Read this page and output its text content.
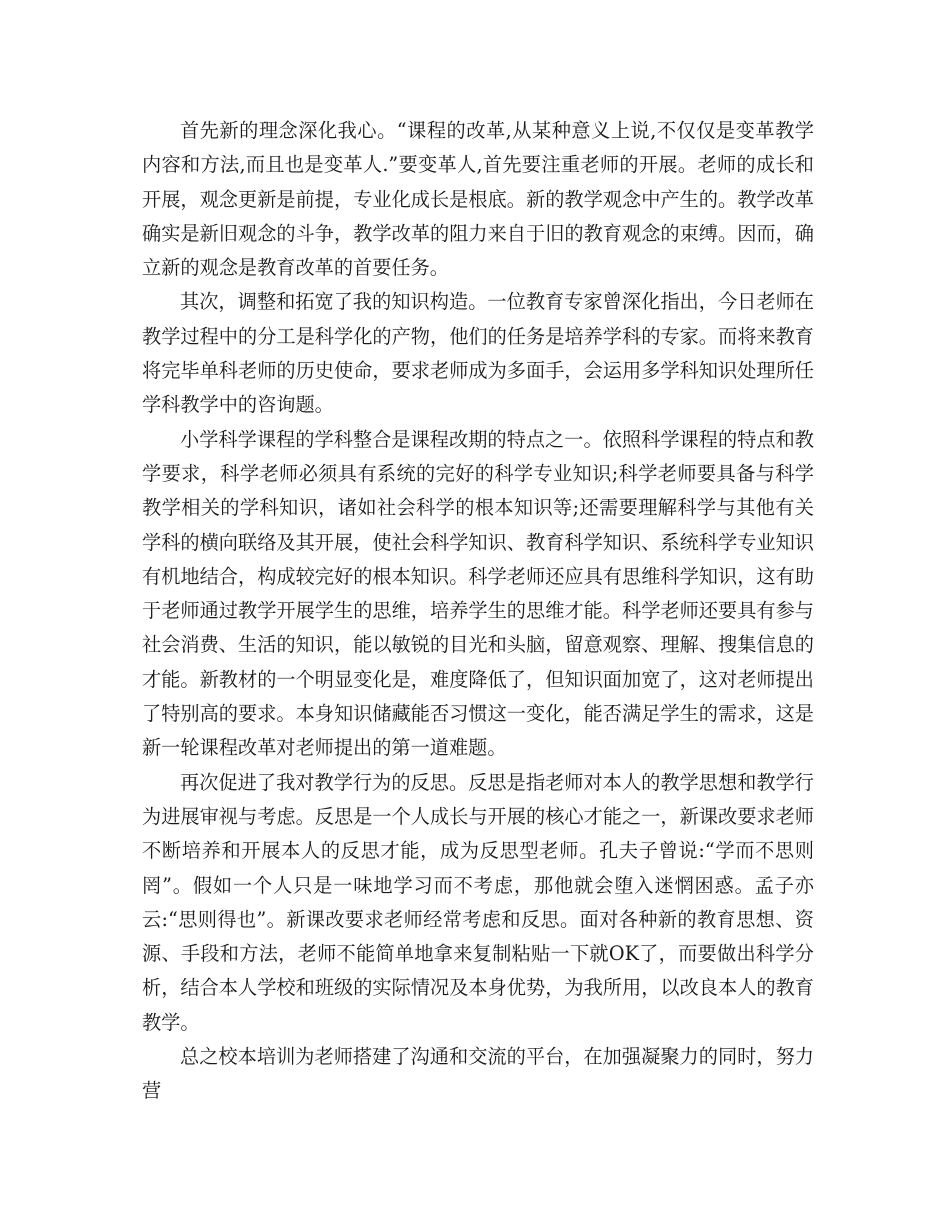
首先新的理念深化我心。“课程的改革,从某种意义上说,不仅仅是变革教学内容和方法,而且也是变革人.”要变革人,首先要注重老师的开展。老师的成长和开展，观念更新是前提，专业化成长是根底。新的教学观念中产生的。教学改革确实是新旧观念的斗争，教学改革的阻力来自于旧的教育观念的束缚。因而，确立新的观念是教育改革的首要任务。

其次，调整和拓宽了我的知识构造。一位教育专家曾深化指出，今日老师在教学过程中的分工是科学化的产物，他们的任务是培养学科的专家。而将来教育将完毕单科老师的历史使命，要求老师成为多面手，会运用多学科知识处理所任学科教学中的咨询题。

小学科学课程的学科整合是课程改期的特点之一。依照科学课程的特点和教学要求，科学老师必须具有系统的完好的科学专业知识;科学老师要具备与科学教学相关的学科知识，诸如社会科学的根本知识等;还需要理解科学与其他有关学科的横向联络及其开展，使社会科学知识、教育科学知识、系统科学专业知识有机地结合，构成较完好的根本知识。科学老师还应具有思维科学知识，这有助于老师通过教学开展学生的思维，培养学生的思维才能。科学老师还要具有参与社会消费、生活的知识，能以敏锐的目光和头脑，留意观察、理解、搜集信息的才能。新教材的一个明显变化是，难度降低了，但知识面加宽了，这对老师提出了特别高的要求。本身知识储藏能否习惯这一变化，能否满足学生的需求，这是新一轮课程改革对老师提出的第一道难题。

再次促进了我对教学行为的反思。反思是指老师对本人的教学思想和教学行为进展审视与考虑。反思是一个人成长与开展的核心才能之一，新课改要求老师不断培养和开展本人的反思才能，成为反思型老师。孔夫子曾说:“学而不思则罔”。假如一个人只是一味地学习而不考虑，那他就会堕入迷惘困惑。孟子亦云:“思则得也”。新课改要求老师经常考虑和反思。面对各种新的教育思想、资源、手段和方法，老师不能简单地拿来复制粘贴一下就OK了，而要做出科学分析，结合本人学校和班级的实际情况及本身优势，为我所用，以改良本人的教育教学。

总之校本培训为老师搭建了沟通和交流的平台，在加强凝聚力的同时，努力营
